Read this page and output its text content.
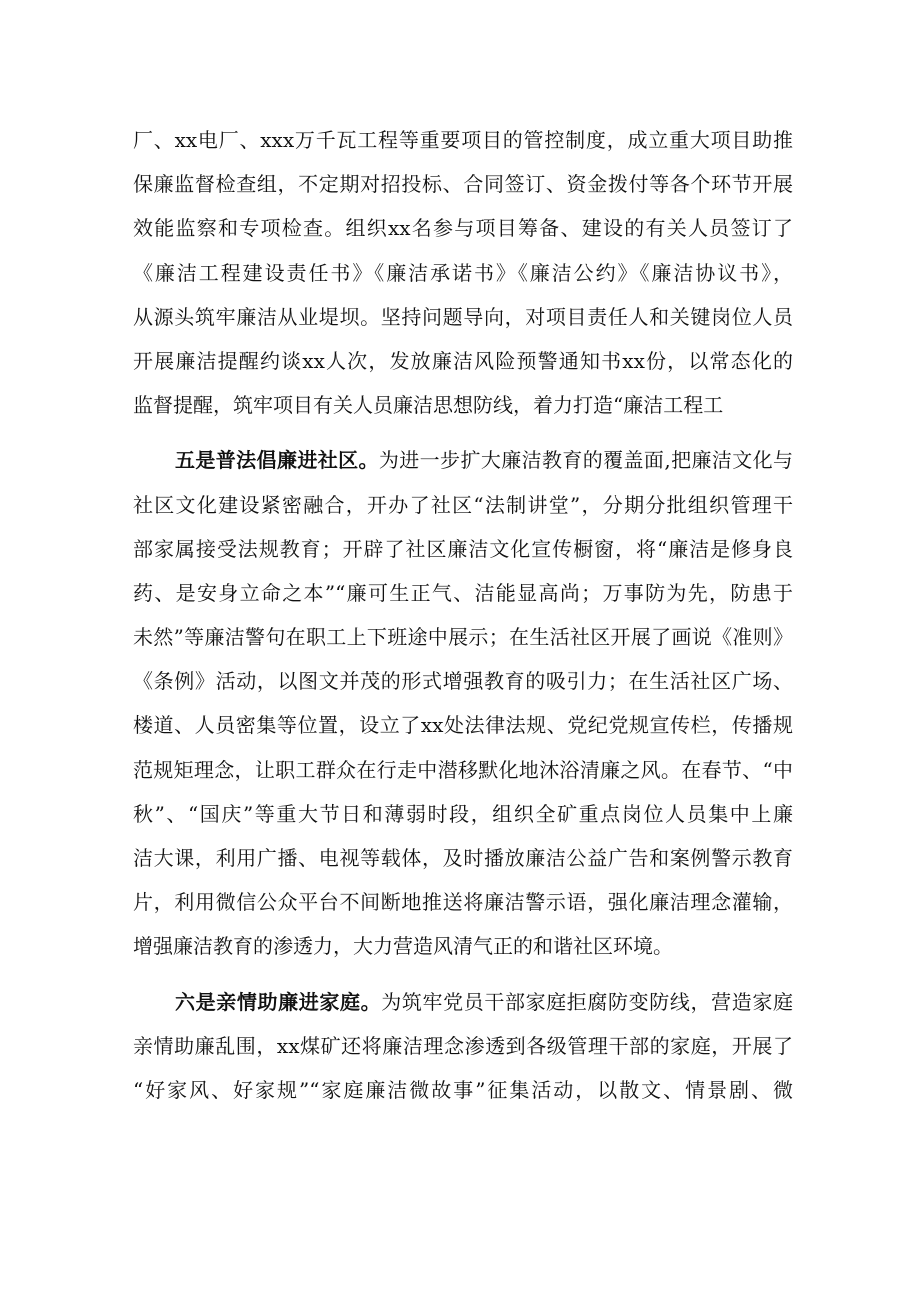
厂、xx电厂、xxx万千瓦工程等重要项目的管控制度，成立重大项目助推
保廉监督检查组，不定期对招投标、合同签订、资金拨付等各个环节开展
效能监察和专项检查。组织xx名参与项目筹备、建设的有关人员签订了
《廉洁工程建设责任书》《廉洁承诺书》《廉洁公约》《廉洁协议书》，
从源头筑牢廉洁从业堤坝。坚持问题导向，对项目责任人和关键岗位人员
开展廉洁提醒约谈xx人次，发放廉洁风险预警通知书xx份，以常态化的
监督提醒，筑牢项目有关人员廉洁思想防线，着力打造“廉洁工程工
五是普法倡廉进社区。为进一步扩大廉洁教育的覆盖面,把廉洁文化与
社区文化建设紧密融合，开办了社区“法制讲堂”，分期分批组织管理干
部家属接受法规教育；开辟了社区廉洁文化宣传橱窗，将“廉洁是修身良
药、是安身立命之本”“廉可生正气、洁能显高尚；万事防为先，防患于
未然”等廉洁警句在职工上下班途中展示；在生活社区开展了画说《准则》
《条例》活动，以图文并茂的形式增强教育的吸引力；在生活社区广场、
楼道、人员密集等位置，设立了xx处法律法规、党纪党规宣传栏，传播规
范规矩理念，让职工群众在行走中潜移默化地沐浴清廉之风。在春节、“中
秋”、“国庆”等重大节日和薄弱时段，组织全矿重点岗位人员集中上廉
洁大课，利用广播、电视等载体，及时播放廉洁公益广告和案例警示教育
片，利用微信公众平台不间断地推送将廉洁警示语，强化廉洁理念灌输，
增强廉洁教育的渗透力，大力营造风清气正的和谐社区环境。
六是亲情助廉进家庭。为筑牢党员干部家庭拒腐防变防线，营造家庭
亲情助廉乱围，xx煤矿还将廉洁理念渗透到各级管理干部的家庭，开展了
“好家风、好家规”“家庭廉洁微故事”征集活动，以散文、情景剧、微
